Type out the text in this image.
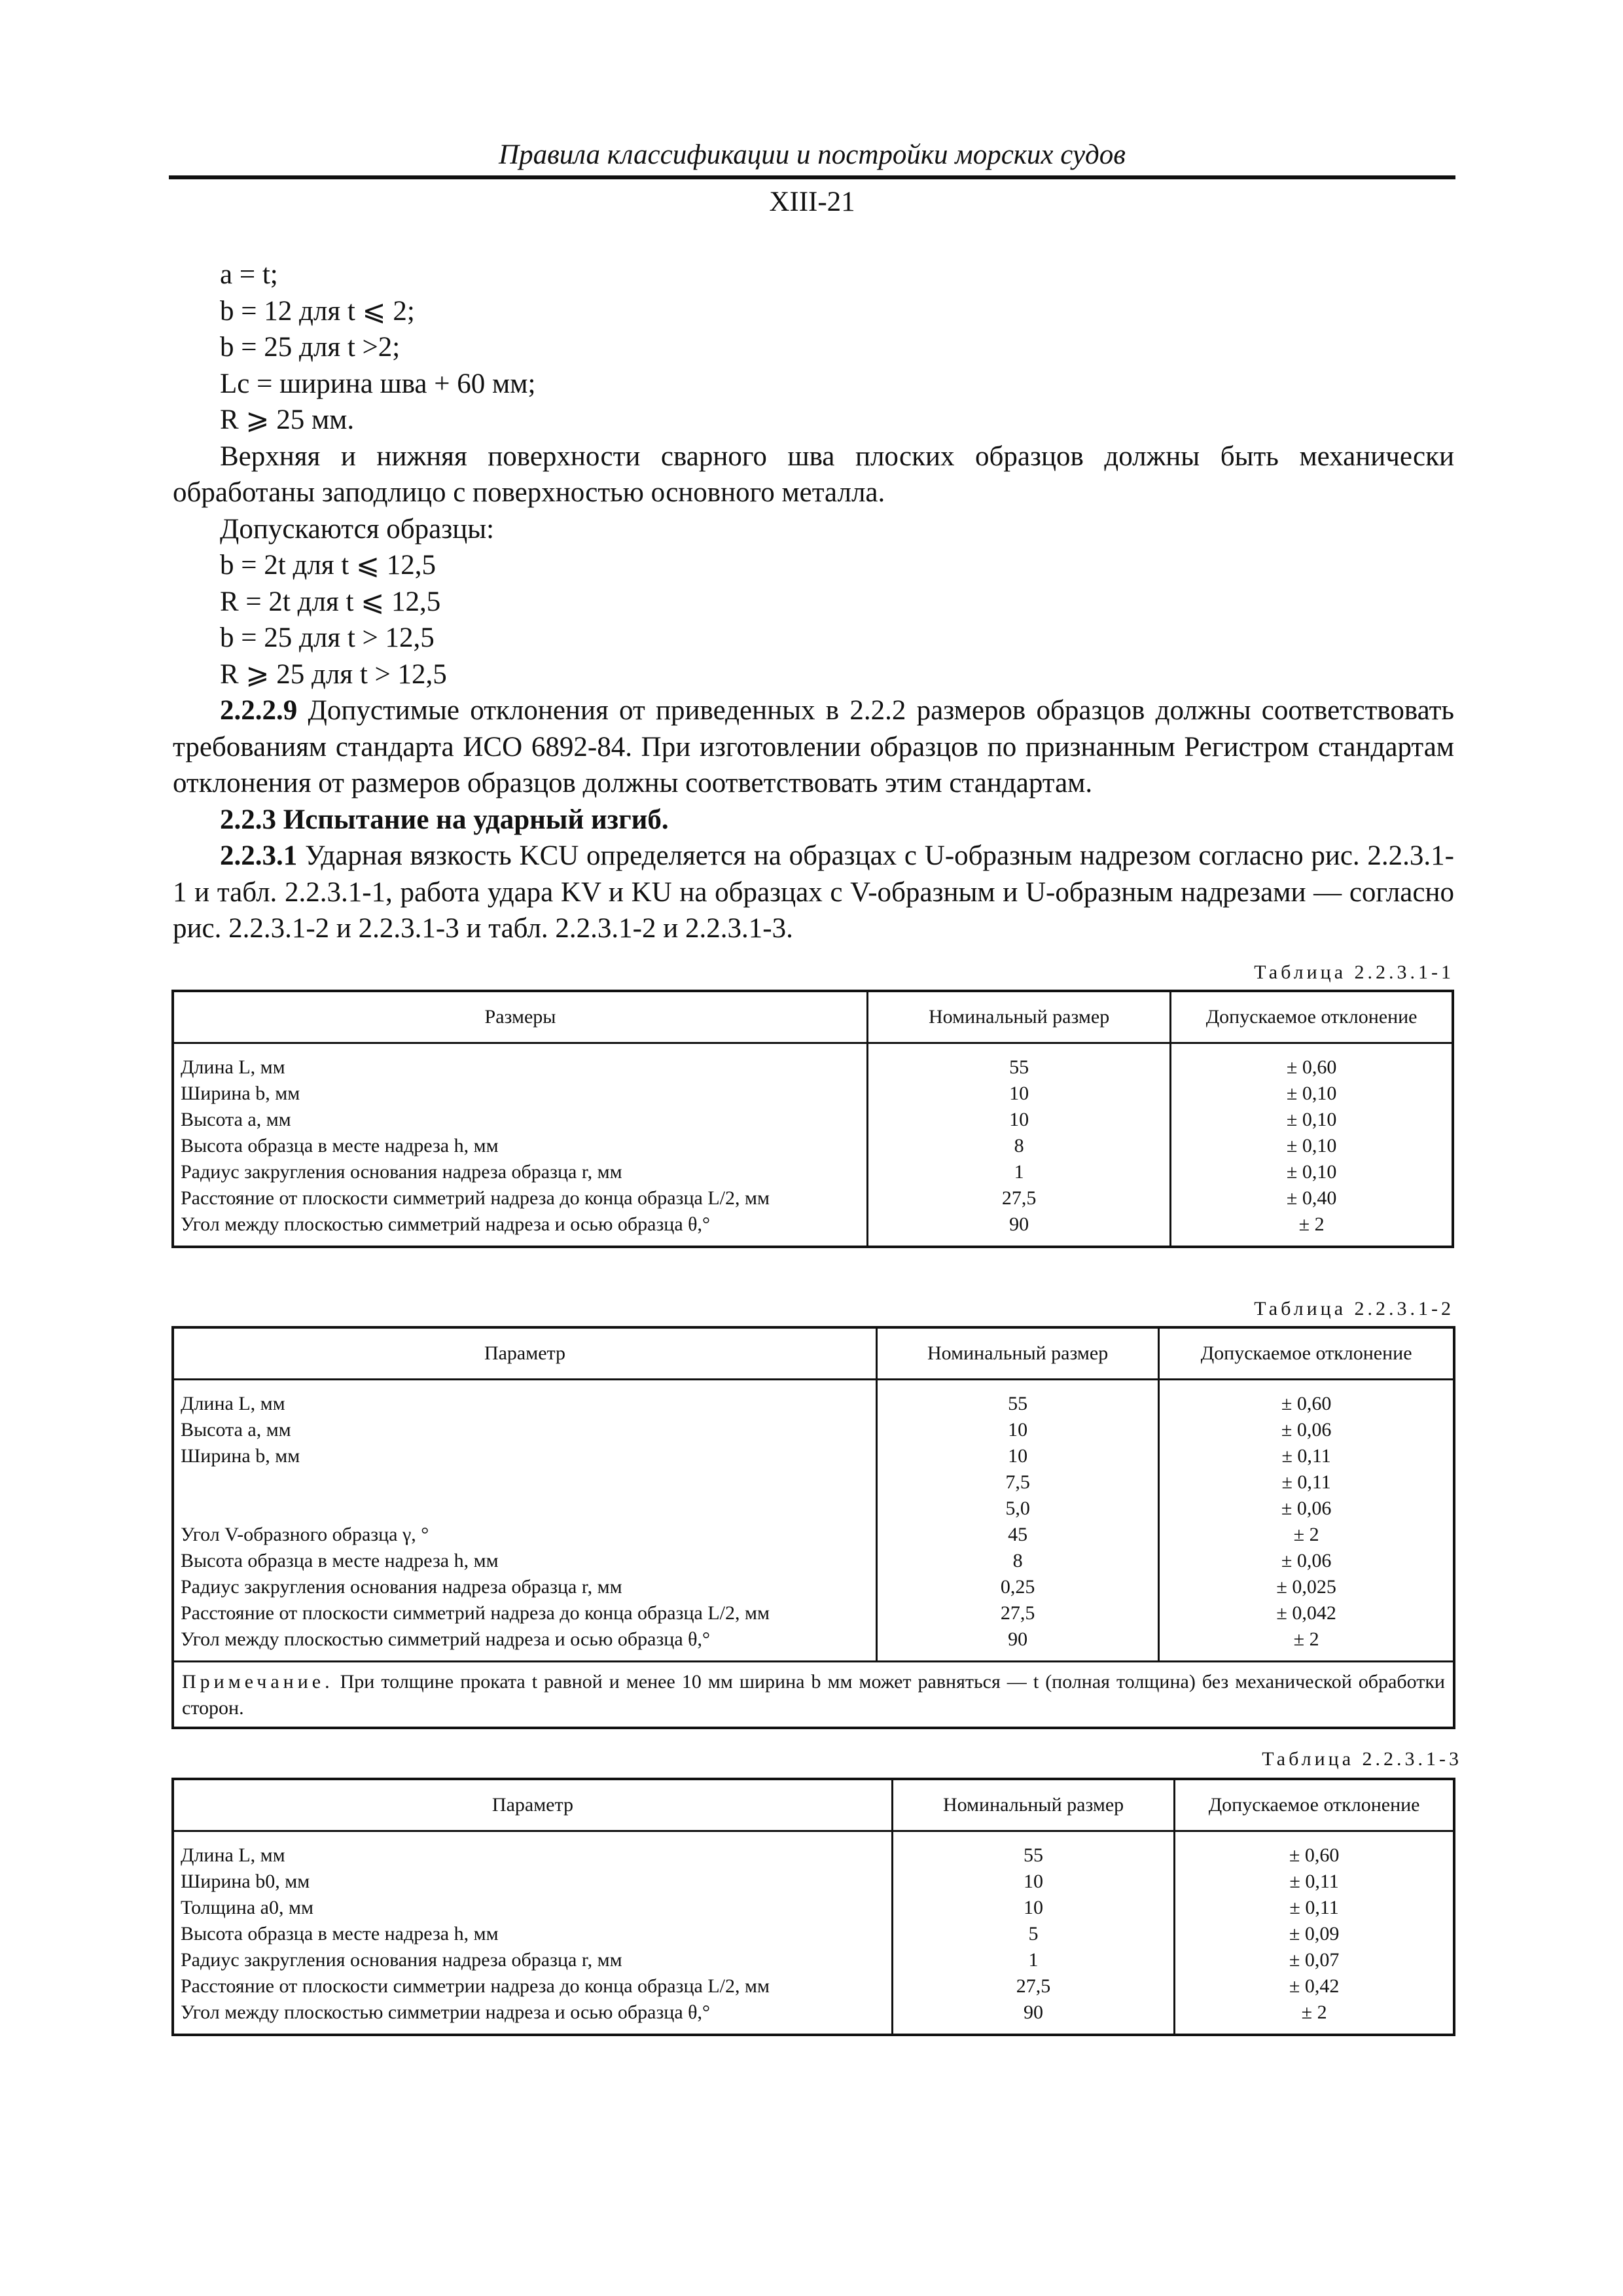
Правила классификации и постройки морских судов
XIII-21

a = t;

b = 12 для t ⩽ 2;

b = 25 для t >2;

Lc = ширина шва + 60 мм;

R ⩾ 25 мм.

Верхняя и нижняя поверхности сварного шва плоских образцов должны быть механически обработаны заподлицо с поверхностью основного металла.

Допускаются образцы:

b = 2t для t ⩽ 12,5

R = 2t для t ⩽ 12,5

b = 25 для t > 12,5

R ⩾ 25 для t > 12,5

2.2.2.9 Допустимые отклонения от приведенных в 2.2.2 размеров образцов должны соответствовать требованиям стандарта ИСО 6892-84. При изготовлении образцов по признанным Регистром стандартам отклонения от размеров образцов должны соответствовать этим стандартам.

2.2.3 Испытание на ударный изгиб.

2.2.3.1 Ударная вязкость KCU определяется на образцах с U-образным надрезом согласно рис. 2.2.3.1-1 и табл. 2.2.3.1-1, работа удара KV и KU на образцах с V-образным и U-образным надрезами — согласно рис. 2.2.3.1-2 и 2.2.3.1-3 и табл. 2.2.3.1-2 и 2.2.3.1-3.

Таблица 2.2.3.1-1
Размеры	Номинальный размер	Допускаемое отклонение
Длина L, мм	55	± 0,60
Ширина b, мм	10	± 0,10
Высота a, мм	10	± 0,10
Высота образца в месте надреза h, мм	8	± 0,10
Радиус закругления основания надреза образца r, мм	1	± 0,10
Расстояние от плоскости симметрий надреза до конца образца L/2, мм	27,5	± 0,40
Угол между плоскостью симметрий надреза и осью образца θ,°	90	± 2
Таблица 2.2.3.1-2
Параметр	Номинальный размер	Допускаемое отклонение
Длина L, мм	55	± 0,60
Высота a, мм	10	± 0,06
Ширина b, мм	10	± 0,11
	7,5	± 0,11
	5,0	± 0,06
Угол V-образного образца γ, °	45	± 2
Высота образца в месте надреза h, мм	8	± 0,06
Радиус закругления основания надреза образца r, мм	0,25	± 0,025
Расстояние от плоскости симметрий надреза до конца образца L/2, мм	27,5	± 0,042
Угол между плоскостью симметрий надреза и осью образца θ,°	90	± 2
Примечание. При толщине проката t равной и менее 10 мм ширина b мм может равняться — t (полная толщина) без механической обработки сторон.		
Таблица 2.2.3.1-3
Параметр	Номинальный размер	Допускаемое отклонение
Длина L, мм	55	± 0,60
Ширина b0, мм	10	± 0,11
Толщина a0, мм	10	± 0,11
Высота образца в месте надреза h, мм	5	± 0,09
Радиус закругления основания надреза образца r, мм	1	± 0,07
Расстояние от плоскости симметрии надреза до конца образца L/2, мм	27,5	± 0,42
Угол между плоскостью симметрии надреза и осью образца θ,°	90	± 2
